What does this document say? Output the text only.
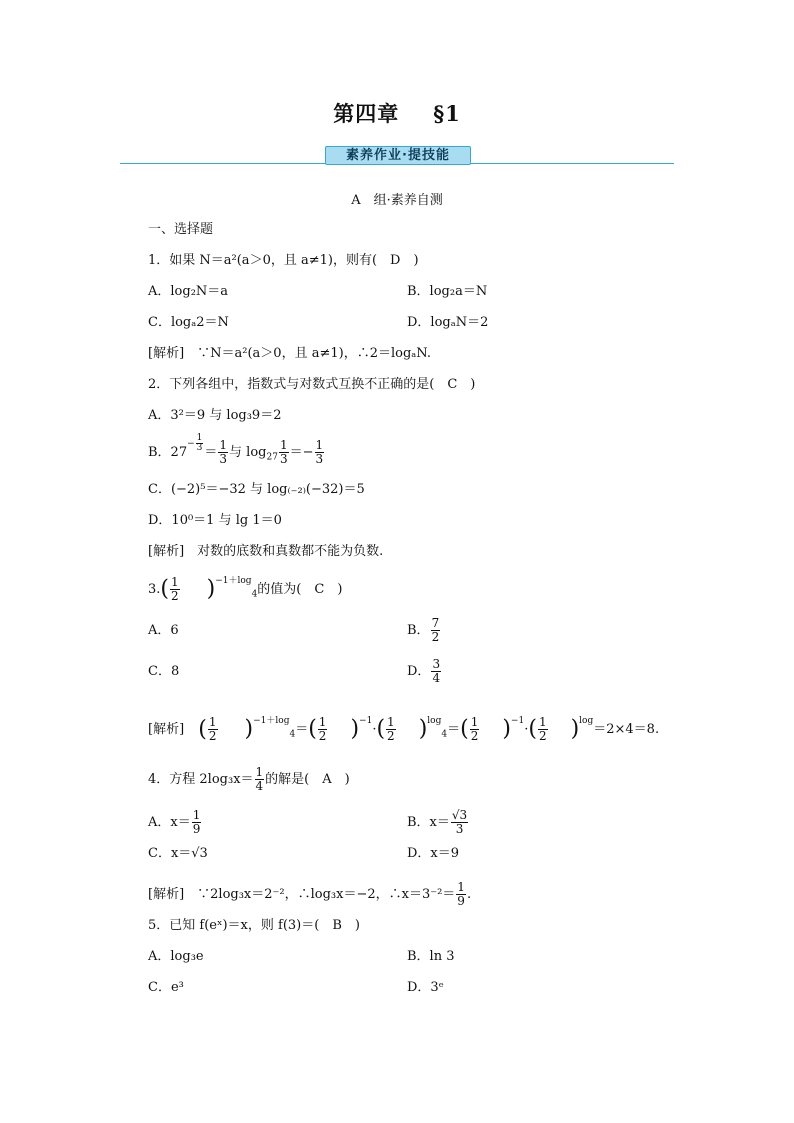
第四章 §1
素养作业·提技能
A　组·素养自测
一、选择题
1．如果 N＝a²(a＞0，且 a≠1)，则有(　D　)
A．log₂N＝a	B．log₂a＝N
C．logₐ2＝N	D．logₐN＝2
[解析]　∵N＝a²(a＞0，且 a≠1)，∴2＝logₐN.
2．下列各组中，指数式与对数式互换不正确的是(　C　)
A．3²＝9 与 log₃9＝2
B．$27^{- \frac{1}{3}} = \frac{1}{3}$ 与 $\log_{27} \frac{1}{3} =- \frac{1}{3}$
C．(−2)⁵＝−32 与 log₍₋₂₎(−32)＝5
D．10⁰＝1 与 lg 1＝0
[解析]　对数的底数和真数都不能为负数.
$3.( \frac{1}{2} )^{-1+log}_4$的值为(　C　)
A．6	B． $\frac{7}{2}$
C．8	D． $\frac{3}{4}$
[解析] ( $\frac{1}{2} )^{-1+log}_4=( \frac{1}{2} )^{-1}\cdot( \frac{1}{2} )^{log}_4=( \frac{1}{2} )^{-1}\cdot( \frac{1}{2} )^{log}=2\times 4=8$.
4．方程 $2\log_3x= \frac{1}{4}$ 的解是(　A　)
A．$x= \frac{1}{9}$	B．$x= \frac{√3}{3}$
C．x＝√3	D．x＝9
[解析]　∵2log₃x＝2⁻²，∴log₃x＝−2，∴x＝3⁻²＝ $\frac{1}{9}$ .
5．已知 f(eˣ)＝x，则 f(3)＝(　B　)
A．log₃e	B．ln 3
C．e³	D．3ᵉ
